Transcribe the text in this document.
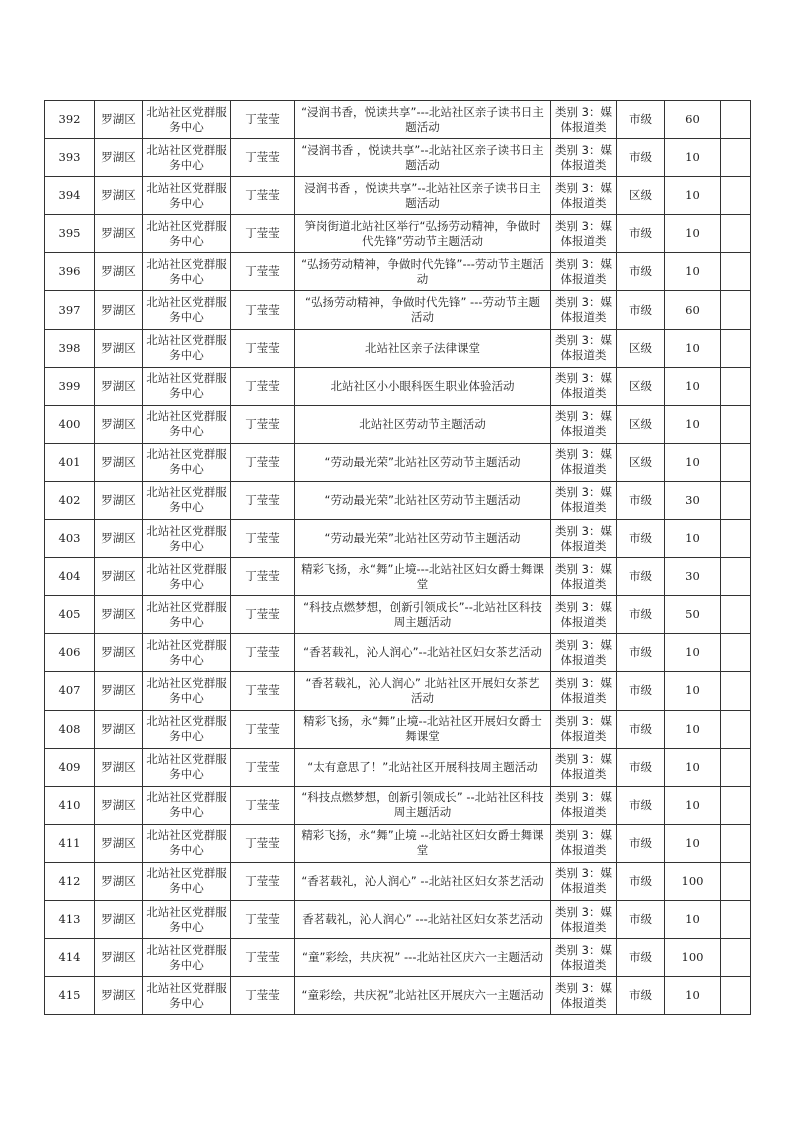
392	罗湖区	北站社区党群服务中心	丁莹莹	“浸润书香，悦读共享”---北站社区亲子读书日主题活动	类别 3：媒体报道类	市级	60	
393	罗湖区	北站社区党群服务中心	丁莹莹	“浸润书香 ，悦读共享”--北站社区亲子读书日主题活动	类别 3：媒体报道类	市级	10	
394	罗湖区	北站社区党群服务中心	丁莹莹	浸润书香 ，悦读共享”--北站社区亲子读书日主题活动	类别 3：媒体报道类	区级	10	
395	罗湖区	北站社区党群服务中心	丁莹莹	笋岗街道北站社区举行“弘扬劳动精神，争做时代先锋”劳动节主题活动	类别 3：媒体报道类	市级	10	
396	罗湖区	北站社区党群服务中心	丁莹莹	“弘扬劳动精神，争做时代先锋”---劳动节主题活动	类别 3：媒体报道类	市级	10	
397	罗湖区	北站社区党群服务中心	丁莹莹	“弘扬劳动精神，争做时代先锋” ---劳动节主题活动	类别 3：媒体报道类	市级	60	
398	罗湖区	北站社区党群服务中心	丁莹莹	北站社区亲子法律课堂	类别 3：媒体报道类	区级	10	
399	罗湖区	北站社区党群服务中心	丁莹莹	北站社区小小眼科医生职业体验活动	类别 3：媒体报道类	区级	10	
400	罗湖区	北站社区党群服务中心	丁莹莹	北站社区劳动节主题活动	类别 3：媒体报道类	区级	10	
401	罗湖区	北站社区党群服务中心	丁莹莹	“劳动最光荣”北站社区劳动节主题活动	类别 3：媒体报道类	区级	10	
402	罗湖区	北站社区党群服务中心	丁莹莹	“劳动最光荣”北站社区劳动节主题活动	类别 3：媒体报道类	市级	30	
403	罗湖区	北站社区党群服务中心	丁莹莹	“劳动最光荣”北站社区劳动节主题活动	类别 3：媒体报道类	市级	10	
404	罗湖区	北站社区党群服务中心	丁莹莹	精彩飞扬，永“舞”止境---北站社区妇女爵士舞课堂	类别 3：媒体报道类	市级	30	
405	罗湖区	北站社区党群服务中心	丁莹莹	“科技点燃梦想，创新引领成长”--北站社区科技周主题活动	类别 3：媒体报道类	市级	50	
406	罗湖区	北站社区党群服务中心	丁莹莹	“香茗载礼，沁人润心”--北站社区妇女茶艺活动	类别 3：媒体报道类	市级	10	
407	罗湖区	北站社区党群服务中心	丁莹莹	“香茗载礼，沁人润心” 北站社区开展妇女茶艺活动	类别 3：媒体报道类	市级	10	
408	罗湖区	北站社区党群服务中心	丁莹莹	精彩飞扬，永“舞”止境--北站社区开展妇女爵士舞课堂	类别 3：媒体报道类	市级	10	
409	罗湖区	北站社区党群服务中心	丁莹莹	“太有意思了！”北站社区开展科技周主题活动	类别 3：媒体报道类	市级	10	
410	罗湖区	北站社区党群服务中心	丁莹莹	“科技点燃梦想，创新引领成长” --北站社区科技周主题活动	类别 3：媒体报道类	市级	10	
411	罗湖区	北站社区党群服务中心	丁莹莹	精彩飞扬，永“舞”止境 --北站社区妇女爵士舞课堂	类别 3：媒体报道类	市级	10	
412	罗湖区	北站社区党群服务中心	丁莹莹	“香茗载礼，沁人润心” --北站社区妇女茶艺活动	类别 3：媒体报道类	市级	100	
413	罗湖区	北站社区党群服务中心	丁莹莹	香茗载礼，沁人润心” ---北站社区妇女茶艺活动	类别 3：媒体报道类	市级	10	
414	罗湖区	北站社区党群服务中心	丁莹莹	“童”彩绘，共庆祝” ---北站社区庆六一主题活动	类别 3：媒体报道类	市级	100	
415	罗湖区	北站社区党群服务中心	丁莹莹	“童彩绘，共庆祝”北站社区开展庆六一主题活动	类别 3：媒体报道类	市级	10	
